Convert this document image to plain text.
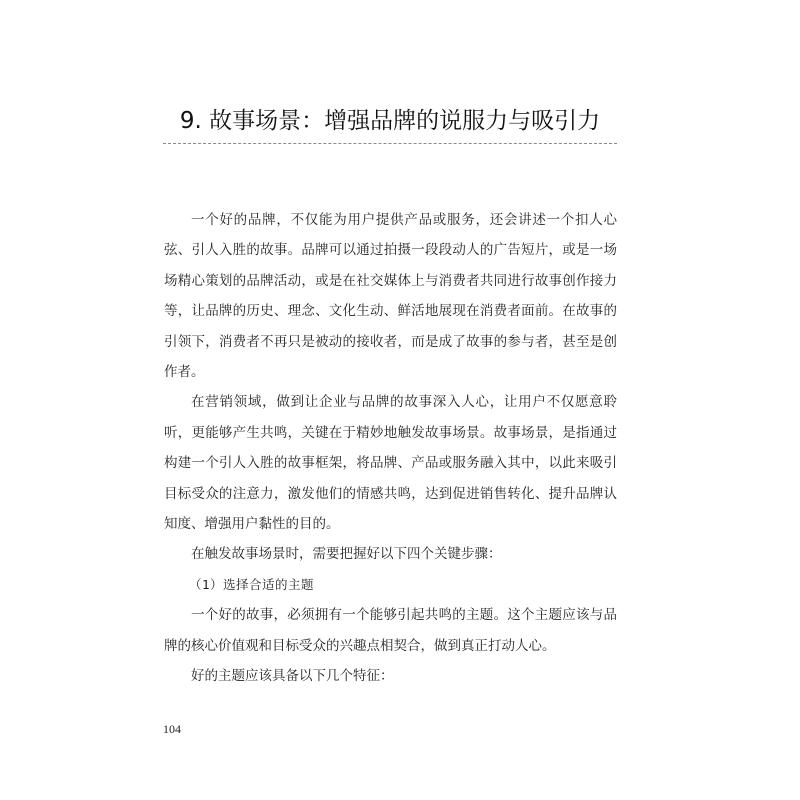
9. 故事场景：增强品牌的说服力与吸引力

一个好的品牌，不仅能为用户提供产品或服务，还会讲述一个扣人心弦、引人入胜的故事。品牌可以通过拍摄一段段动人的广告短片，或是一场场精心策划的品牌活动，或是在社交媒体上与消费者共同进行故事创作接力等，让品牌的历史、理念、文化生动、鲜活地展现在消费者面前。在故事的引领下，消费者不再只是被动的接收者，而是成了故事的参与者，甚至是创作者。

在营销领域，做到让企业与品牌的故事深入人心，让用户不仅愿意聆听，更能够产生共鸣，关键在于精妙地触发故事场景。故事场景，是指通过构建一个引人入胜的故事框架，将品牌、产品或服务融入其中，以此来吸引目标受众的注意力，激发他们的情感共鸣，达到促进销售转化、提升品牌认知度、增强用户黏性的目的。

在触发故事场景时，需要把握好以下四个关键步骤：

（1）选择合适的主题

一个好的故事，必须拥有一个能够引起共鸣的主题。这个主题应该与品牌的核心价值观和目标受众的兴趣点相契合，做到真正打动人心。

好的主题应该具备以下几个特征：

104
